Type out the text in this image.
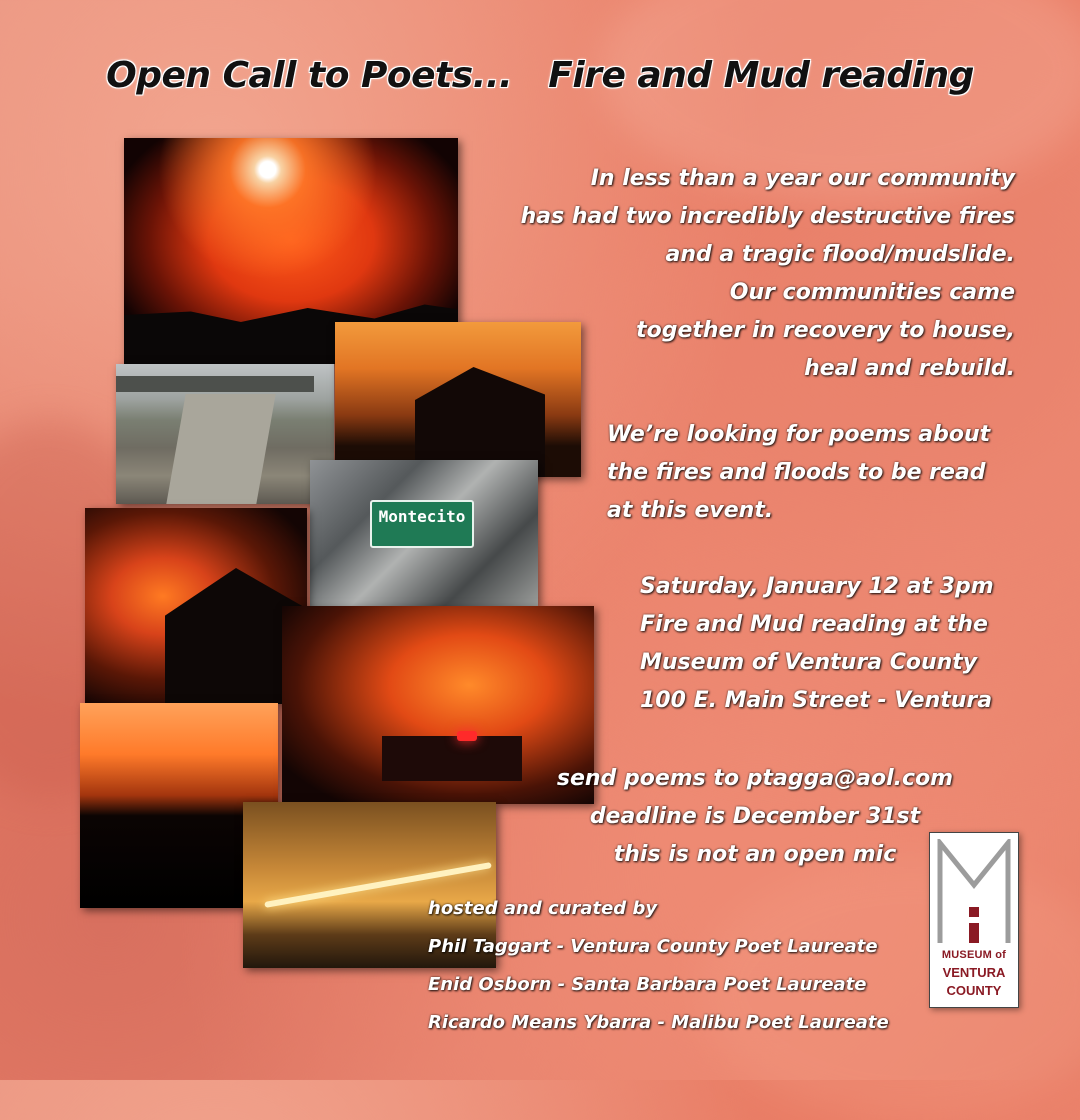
Open Call to Poets...   Fire and Mud reading
Montecito
In less than a year our community
has had two incredibly destructive fires
and a tragic flood/mudslide.
Our communities came
together in recovery to house,
heal and rebuild.
We’re looking for poems about
the fires and floods to be read
at this event.
Saturday, January 12 at 3pm
Fire and Mud reading at the
Museum of Ventura County
100 E. Main Street - Ventura
send poems to ptagga@aol.com
deadline is December 31st
this is not an open mic
hosted and curated by
Phil Taggart - Ventura County Poet Laureate
Enid Osborn - Santa Barbara Poet Laureate
Ricardo Means Ybarra - Malibu Poet Laureate
MUSEUM of
VENTURA
COUNTY
